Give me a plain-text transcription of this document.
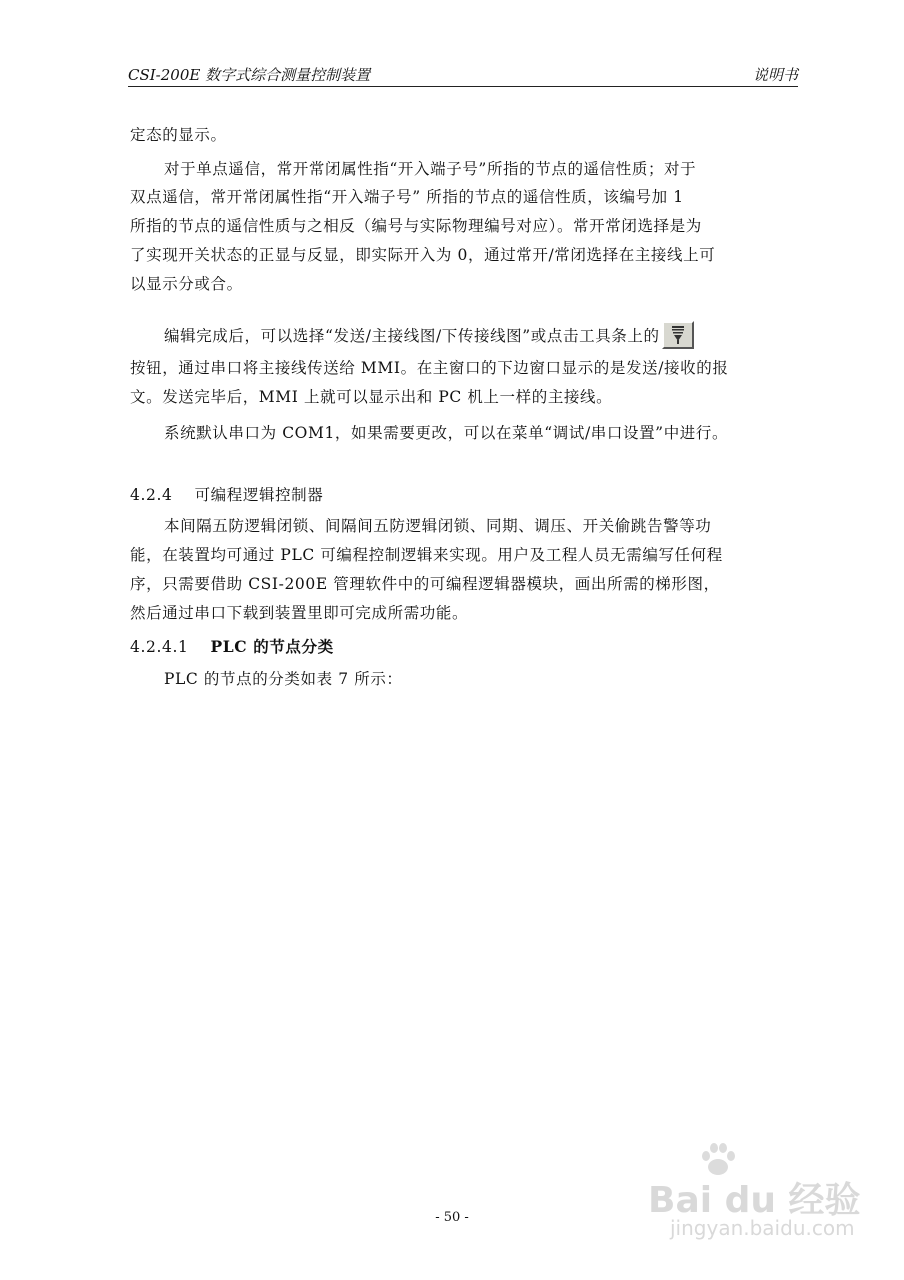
CSI-200E 数字式综合测量控制装置	说明书
定态的显示。
对于单点遥信，常开常闭属性指“开入端子号”所指的节点的遥信性质；对于
双点遥信，常开常闭属性指“开入端子号” 所指的节点的遥信性质，该编号加 1
所指的节点的遥信性质与之相反（编号与实际物理编号对应）。常开常闭选择是为
了实现开关状态的正显与反显，即实际开入为 0，通过常开/常闭选择在主接线上可
以显示分或合。
编辑完成后，可以选择“发送/主接线图/下传接线图”或点击工具条上的
按钮，通过串口将主接线传送给 MMI。在主窗口的下边窗口显示的是发送/接收的报
文。发送完毕后，MMI 上就可以显示出和 PC 机上一样的主接线。
系统默认串口为 COM1，如果需要更改，可以在菜单“调试/串口设置”中进行。
4.2.4 可编程逻辑控制器
本间隔五防逻辑闭锁、间隔间五防逻辑闭锁、同期、调压、开关偷跳告警等功
能，在装置均可通过 PLC 可编程控制逻辑来实现。用户及工程人员无需编写任何程
序，只需要借助 CSI-200E 管理软件中的可编程逻辑器模块，画出所需的梯形图，
然后通过串口下载到装置里即可完成所需功能。
4.2.4.1 PLC 的节点分类
PLC 的节点的分类如表 7 所示：
- 50 -	Bai du 经验
jingyan.baidu.com
